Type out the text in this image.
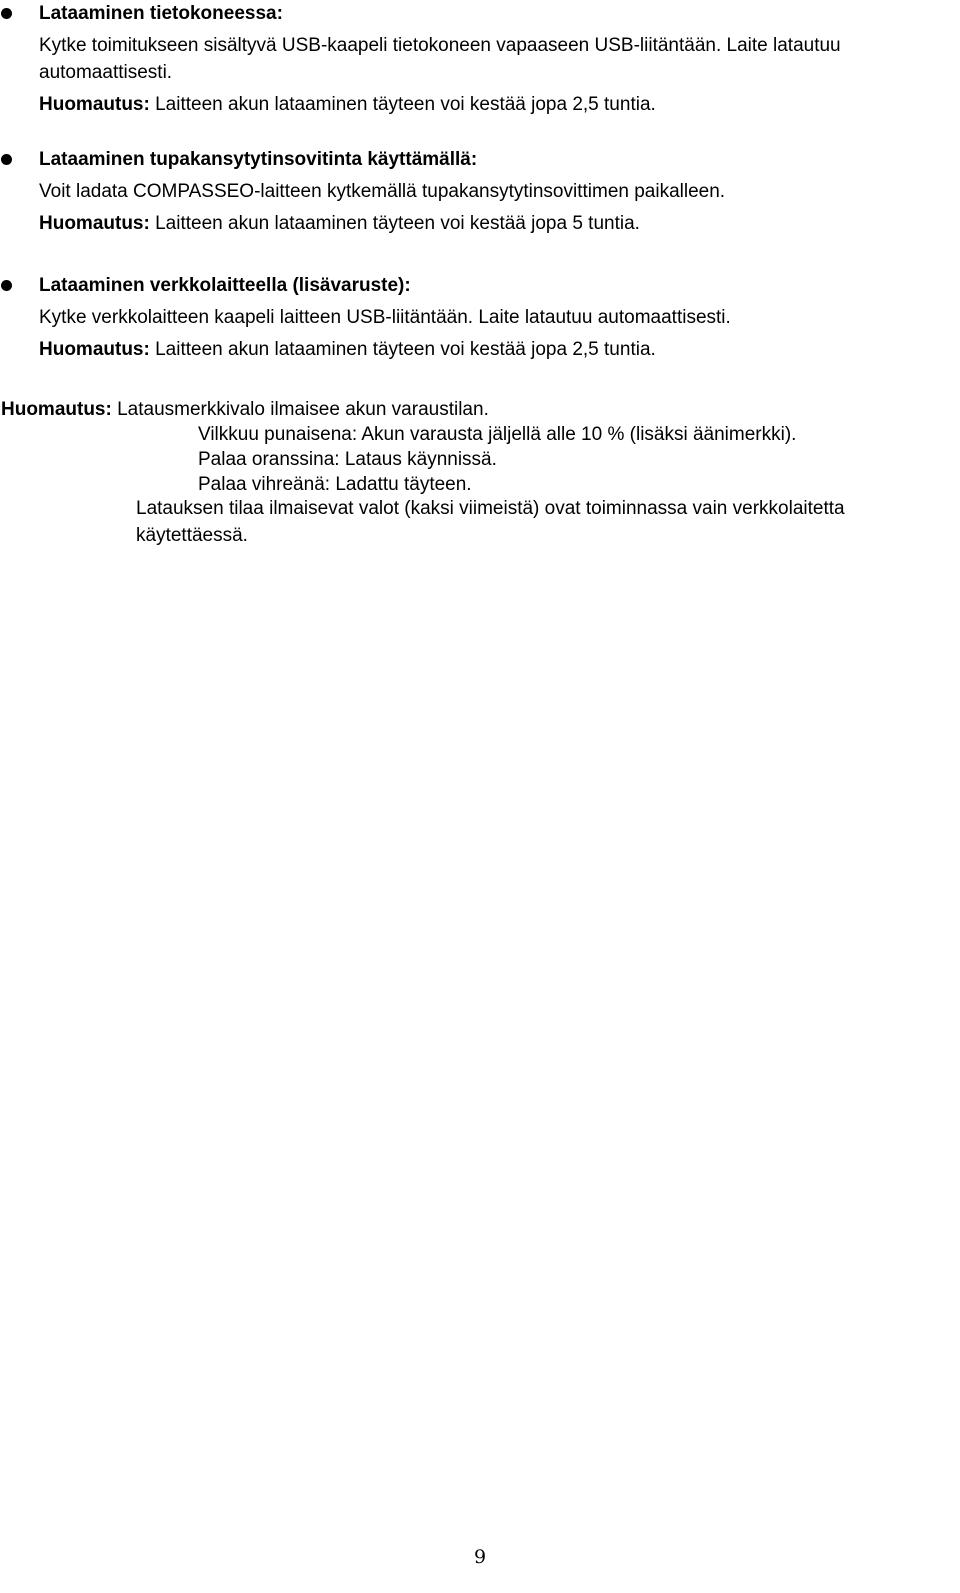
Lataaminen tietokoneessa:
Kytke toimitukseen sisältyvä USB-kaapeli tietokoneen vapaaseen USB-liitäntään. Laite latautuu automaattisesti.
Huomautus: Laitteen akun lataaminen täyteen voi kestää jopa 2,5 tuntia.
Lataaminen tupakansytytinsovitinta käyttämällä:
Voit ladata COMPASSEO-laitteen kytkemällä tupakansytytinsovittimen paikalleen.
Huomautus: Laitteen akun lataaminen täyteen voi kestää jopa 5 tuntia.
Lataaminen verkkolaitteella (lisävaruste):
Kytke verkkolaitteen kaapeli laitteen USB-liitäntään. Laite latautuu automaattisesti.
Huomautus: Laitteen akun lataaminen täyteen voi kestää jopa 2,5 tuntia.
Huomautus: Latausmerkkivalo ilmaisee akun varaustilan.
Vilkkuu punaisena: Akun varausta jäljellä alle 10 % (lisäksi äänimerkki).
Palaa oranssina: Lataus käynnissä.
Palaa vihreänä: Ladattu täyteen.
Latauksen tilaa ilmaisevat valot (kaksi viimeistä) ovat toiminnassa vain verkkolaitetta käytettäessä.
9
